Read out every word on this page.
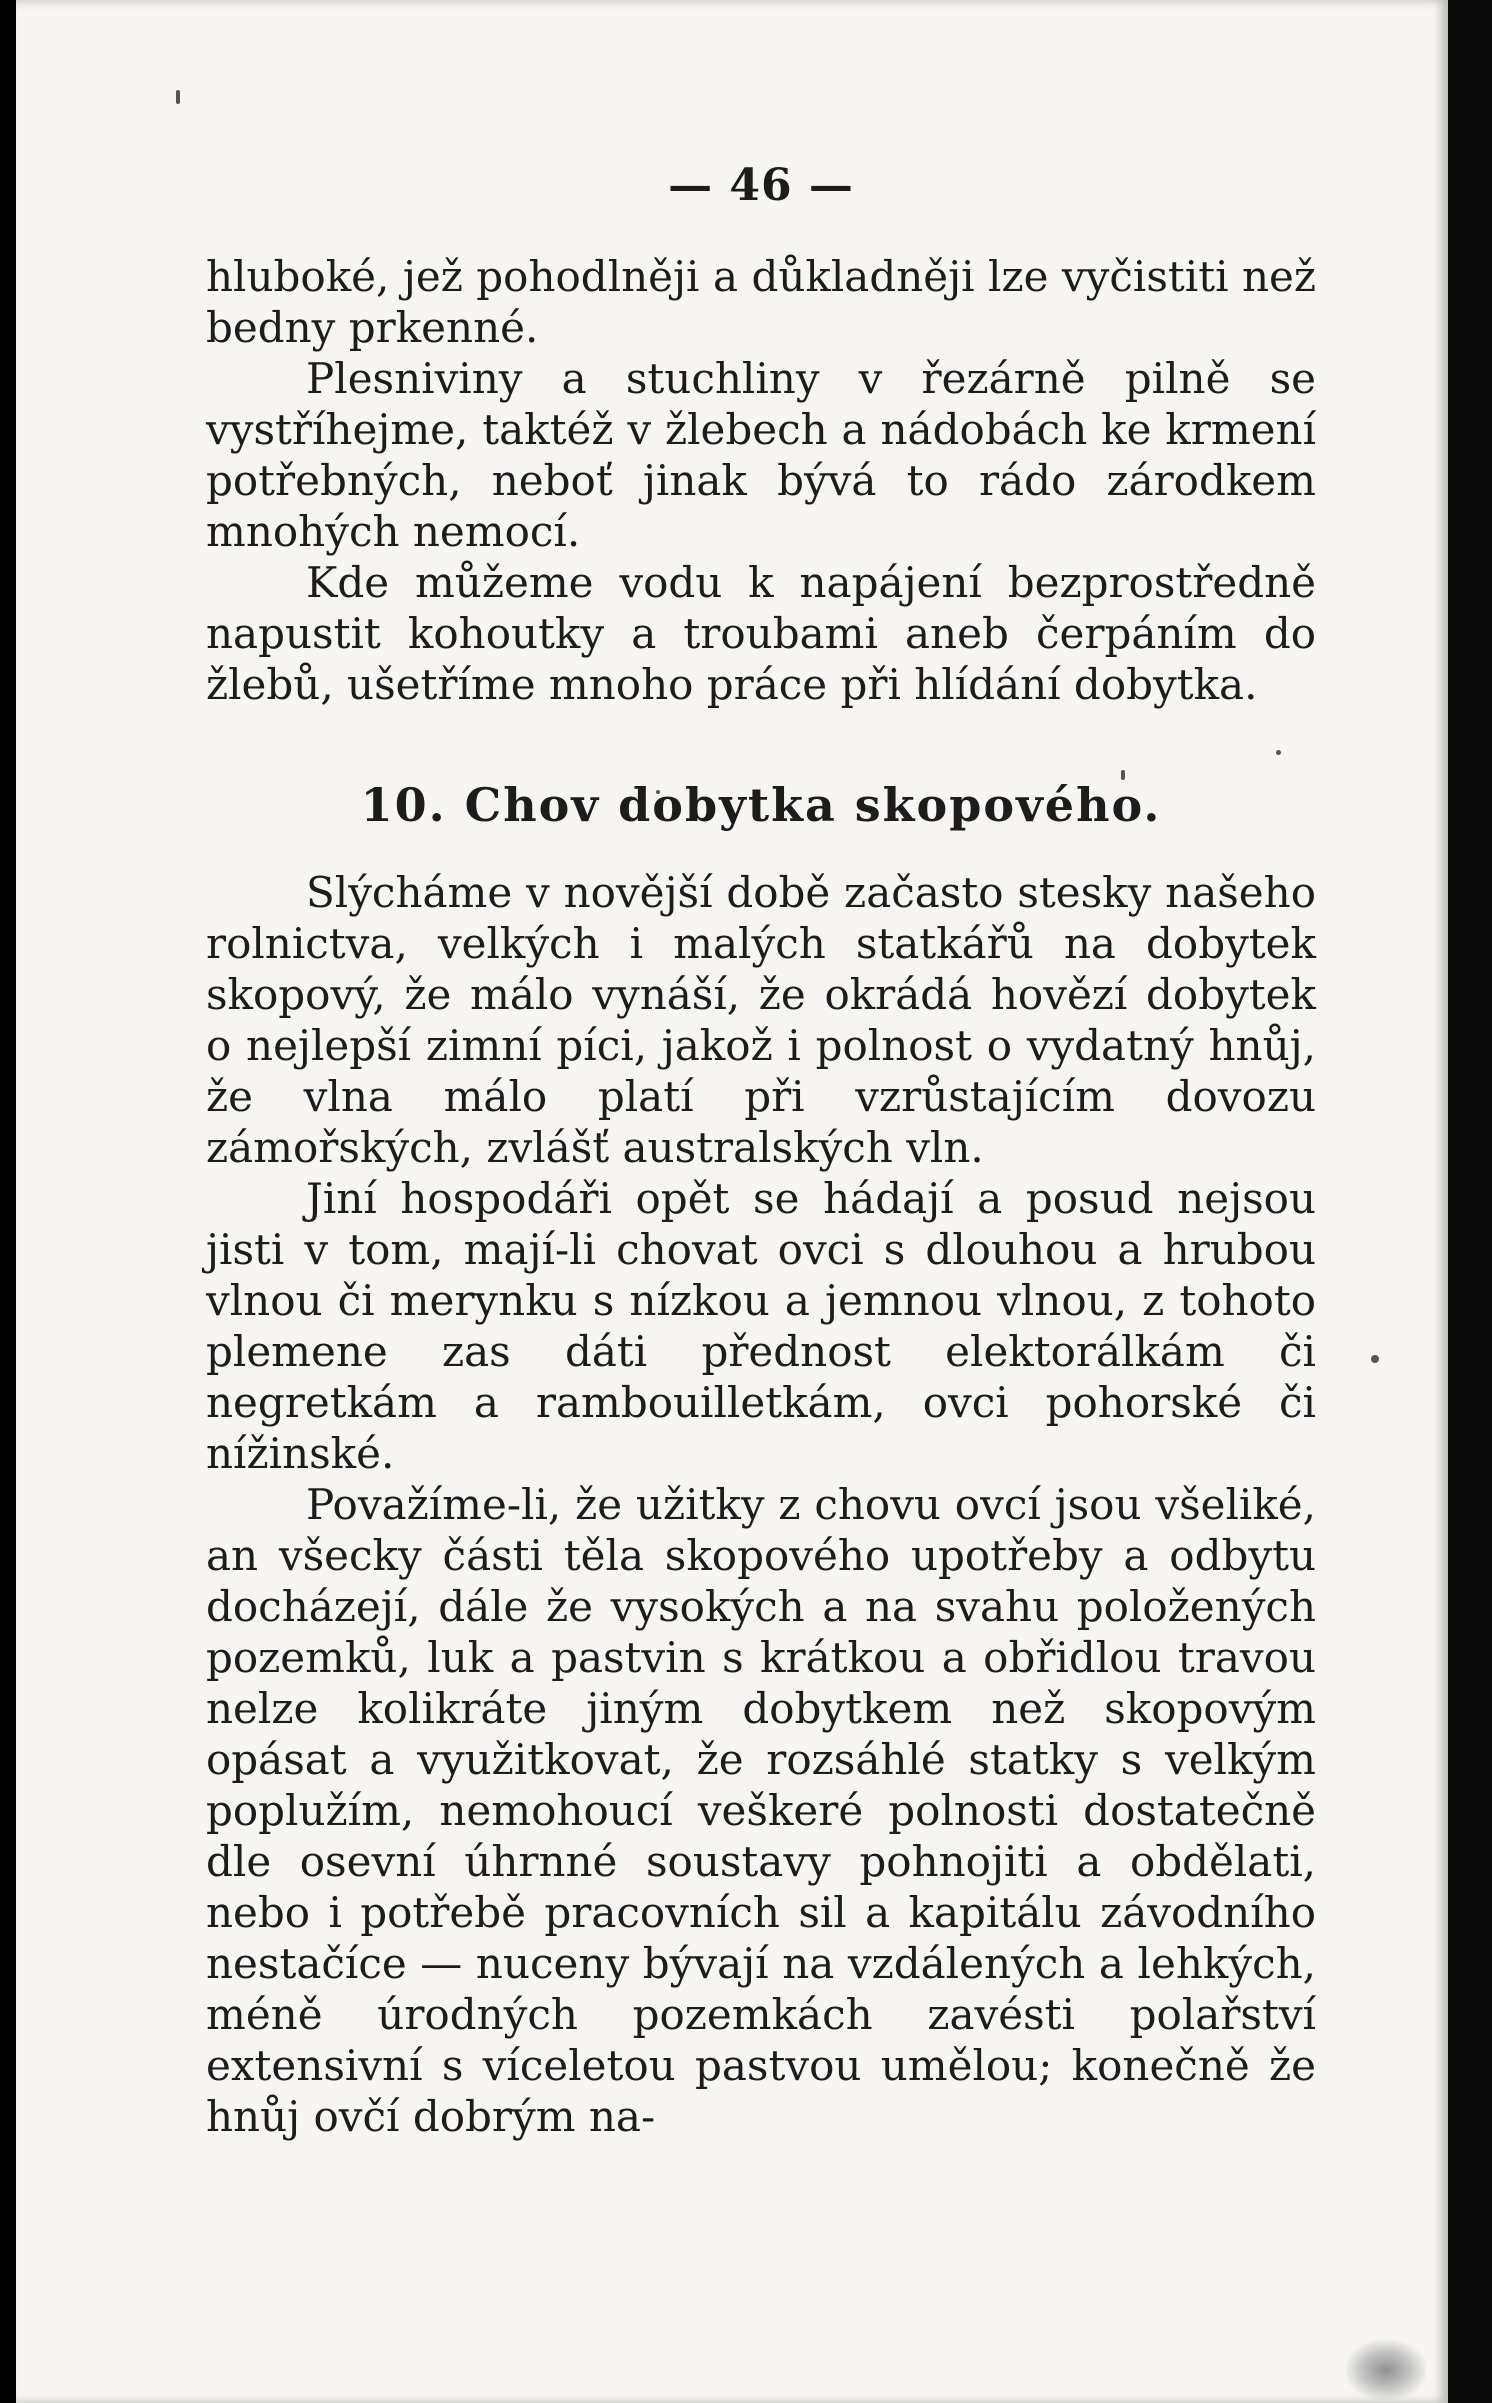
— 46 —

hluboké, jež pohodlněji a důkladněji lze vyčistiti než bedny prkenné.

Plesniviny a stuchliny v řezárně pilně se vystříhejme, taktéž v žlebech a nádobách ke krmení potřebných, neboť jinak bývá to rádo zárodkem mnohých nemocí.

Kde můžeme vodu k napájení bezprostředně napustit kohoutky a troubami aneb čerpáním do žlebů, ušetříme mnoho práce při hlídání dobytka.

10. Chov dobytka skopového.

Slýcháme v novější době začasto stesky našeho rolnictva, velkých i malých statkářů na dobytek skopový, že málo vynáší, že okrádá hovězí dobytek o nejlepší zimní píci, jakož i polnost o vydatný hnůj, že vlna málo platí při vzrůstajícím dovozu zámořských, zvlášť australských vln.

Jiní hospodáři opět se hádají a posud nejsou jisti v tom, mají-li chovat ovci s dlouhou a hrubou vlnou či merynku s nízkou a jemnou vlnou, z tohoto plemene zas dáti přednost elektorálkám či negretkám a rambouilletkám, ovci pohorské či nížinské.

Považíme-li, že užitky z chovu ovcí jsou všeliké, an všecky části těla skopového upotřeby a odbytu docházejí, dále že vysokých a na svahu položených pozemků, luk a pastvin s krátkou a obřidlou travou nelze kolikráte jiným dobytkem než skopovým opásat a využitkovat, že rozsáhlé statky s velkým poplužím, nemohoucí veškeré polnosti dostatečně dle osevní úhrnné soustavy pohnojiti a obdělati, nebo i potřebě pracovních sil a kapitálu závodního nestačíce — nuceny bývají na vzdálených a lehkých, méně úrodných pozemkách zavésti polařství extensivní s víceletou pastvou umělou; konečně že hnůj ovčí dobrým na-
